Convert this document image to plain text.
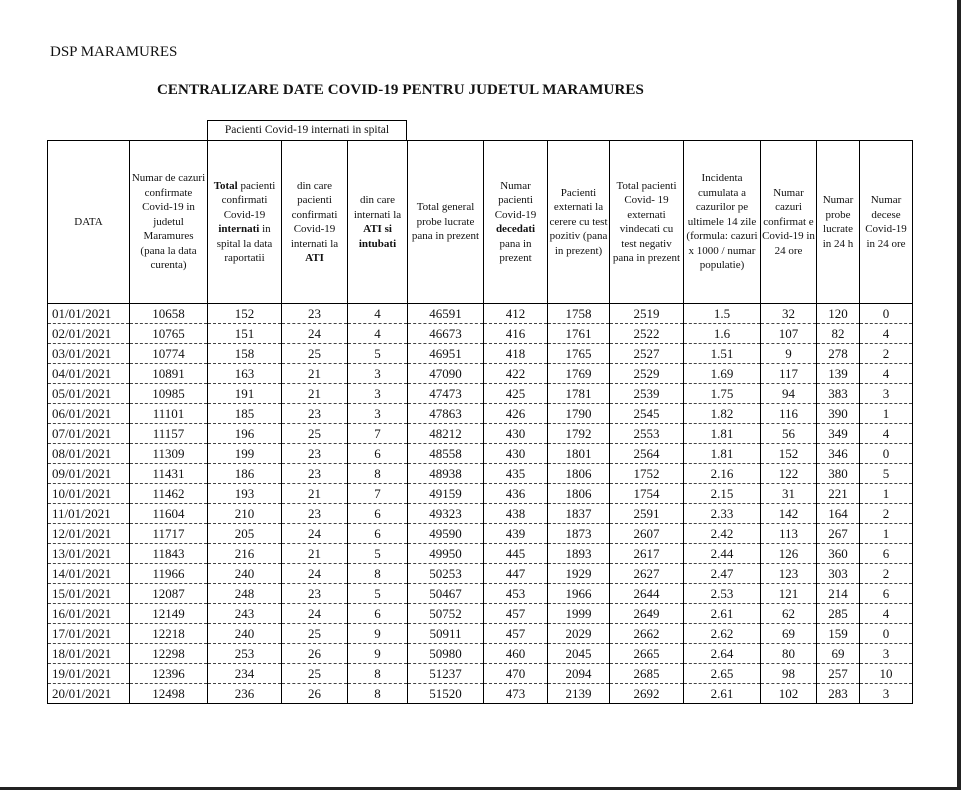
DSP MARAMURES
CENTRALIZARE DATE COVID-19 PENTRU JUDETUL MARAMURES
Pacienti Covid-19 internati in spital
DATA	Numar de cazuri confirmate Covid-19 in judetul Maramures (pana la data curenta)	Total pacienti confirmati Covid-19 internati in spital la data raportatii	din care pacienti confirmati Covid-19 internati la ATI	din care internati la ATI si intubati	Total general probe lucrate pana in prezent	Numar pacienti Covid-19 decedati pana in prezent	Pacienti externati la cerere cu test pozitiv (pana in prezent)	Total pacienti Covid- 19 externati vindecati cu test negativ pana in prezent	Incidenta cumulata a cazurilor pe ultimele 14 zile (formula: cazuri x 1000 / numar populatie)	Numar cazuri confirmat e Covid-19 in 24 ore	Numar probe lucrate in 24 h	Numar decese Covid-19 in 24 ore
01/01/2021	10658	152	23	4	46591	412	1758	2519	1.5	32	120	0
02/01/2021	10765	151	24	4	46673	416	1761	2522	1.6	107	82	4
03/01/2021	10774	158	25	5	46951	418	1765	2527	1.51	9	278	2
04/01/2021	10891	163	21	3	47090	422	1769	2529	1.69	117	139	4
05/01/2021	10985	191	21	3	47473	425	1781	2539	1.75	94	383	3
06/01/2021	11101	185	23	3	47863	426	1790	2545	1.82	116	390	1
07/01/2021	11157	196	25	7	48212	430	1792	2553	1.81	56	349	4
08/01/2021	11309	199	23	6	48558	430	1801	2564	1.81	152	346	0
09/01/2021	11431	186	23	8	48938	435	1806	1752	2.16	122	380	5
10/01/2021	11462	193	21	7	49159	436	1806	1754	2.15	31	221	1
11/01/2021	11604	210	23	6	49323	438	1837	2591	2.33	142	164	2
12/01/2021	11717	205	24	6	49590	439	1873	2607	2.42	113	267	1
13/01/2021	11843	216	21	5	49950	445	1893	2617	2.44	126	360	6
14/01/2021	11966	240	24	8	50253	447	1929	2627	2.47	123	303	2
15/01/2021	12087	248	23	5	50467	453	1966	2644	2.53	121	214	6
16/01/2021	12149	243	24	6	50752	457	1999	2649	2.61	62	285	4
17/01/2021	12218	240	25	9	50911	457	2029	2662	2.62	69	159	0
18/01/2021	12298	253	26	9	50980	460	2045	2665	2.64	80	69	3
19/01/2021	12396	234	25	8	51237	470	2094	2685	2.65	98	257	10
20/01/2021	12498	236	26	8	51520	473	2139	2692	2.61	102	283	3
